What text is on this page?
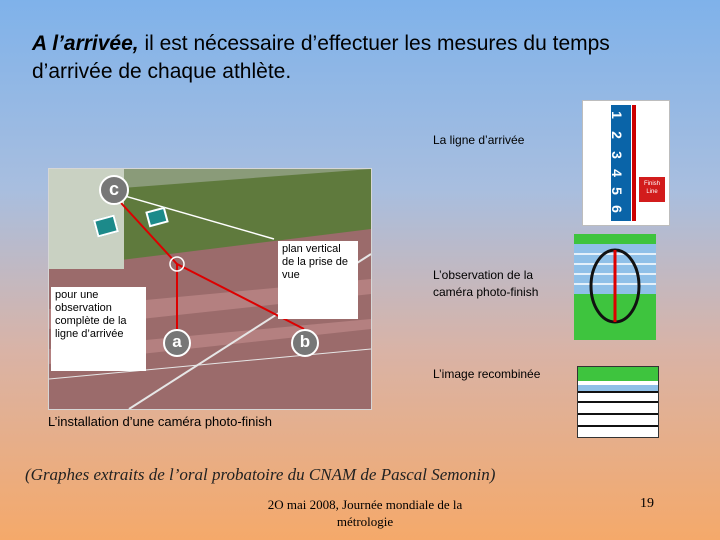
A l’arrivée, il est nécessaire d’effectuer les mesures du temps d’arrivée de chaque athlète.
c
a	b
plan vertical de la prise de vue
pour une observation complète de la ligne d’arrivée
La ligne d’arrivée
1
2
3
4
5
6
Finish
Line
L’observation de la caméra photo-finish
L’image recombinée
L’installation d’une caméra photo-finish
(Graphes extraits de l’oral probatoire du CNAM de Pascal Semonin)
2O mai 2008, Journée mondiale de la métrologie
19
